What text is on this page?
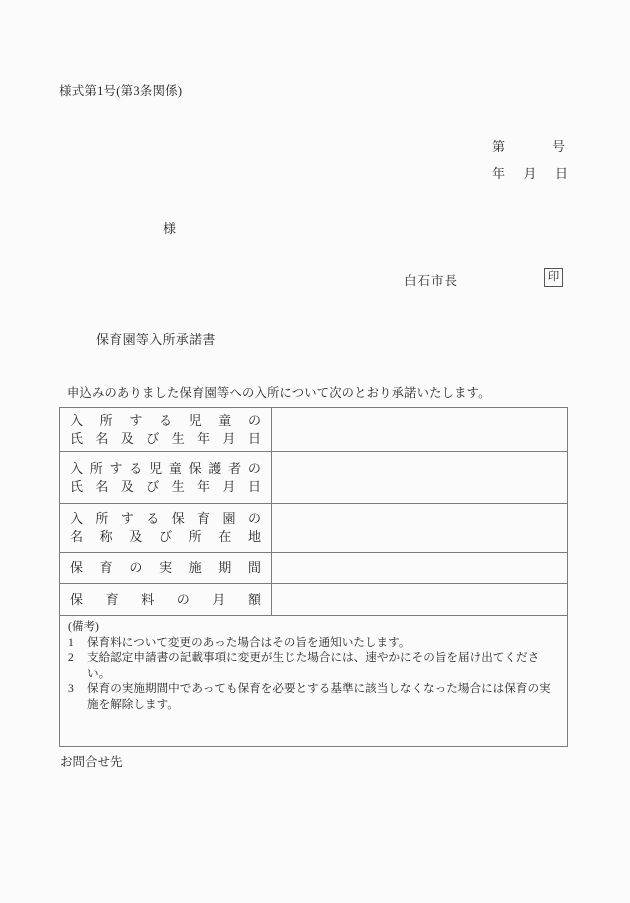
様式第1号(第3条関係)
第	号
年 月 日
様
白石市長	印
保育園等入所承諾書
申込みのありました保育園等への入所について次のとおり承諾いたします。
入 所 す る 児 童 の
氏 名 及 び 生 年 月 日

入 所 す る 児 童 保 護 者 の
氏 名 及 び 生 年 月 日

入 所 す る 保 育 園 の
名 称 及 び 所 在 地

保 育 の 実 施 期 間

保 育 料 の 月 額

(備考)
1	保育料について変更のあった場合はその旨を通知いたします。
2	支給認定申請書の記載事項に変更が生じた場合には、速やかにその旨を届け出てください。
3	保育の実施期間中であっても保育を必要とする基準に該当しなくなった場合には保育の実施を解除します。
お問合せ先
